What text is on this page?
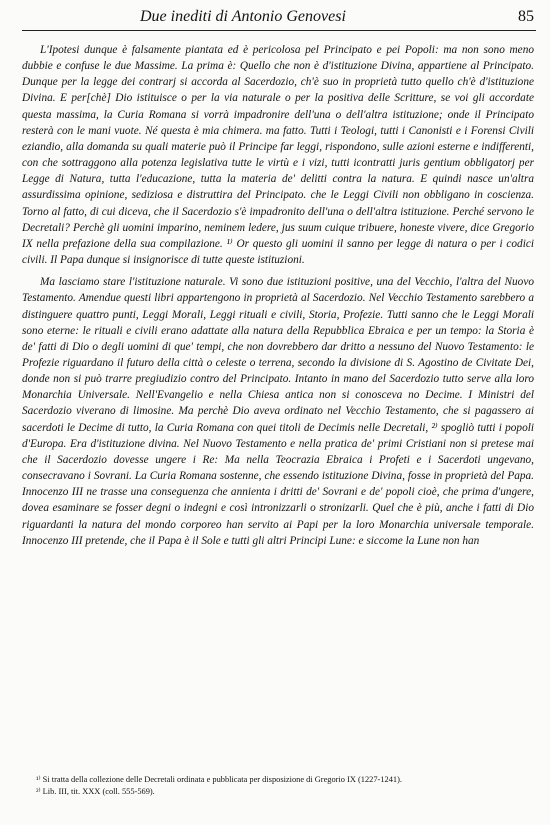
Due inediti di Antonio Genovesi	85

L'Ipotesi dunque è falsamente piantata ed è pericolosa pel Principato e pei Popoli: ma non sono meno dubbie e confuse le due Massime. La prima è: Quello che non è d'istituzione Divina, appartiene al Principato. Dunque per la legge dei contrarj si accorda al Sacerdozio, ch'è suo in proprietà tutto quello ch'è d'istituzione Divina. E per[chè] Dio istituisce o per la via naturale o per la positiva delle Scritture, se voi gli accordate questa massima, la Curia Romana si vorrà impadronire dell'una o dell'altra istituzione; onde il Principato resterà con le mani vuote. Né questa è mia chimera. ma fatto. Tutti i Teologi, tutti i Canonisti e i Forensi Civili eziandio, alla domanda su quali materie può il Principe far leggi, rispondono, sulle azioni esterne e indifferenti, con che sottraggono alla potenza legislativa tutte le virtù e i vizi, tutti icontratti juris gentium obbligatorj per Legge di Natura, tutta l'educazione, tutta la materia de' delitti contra la natura. E quindi nasce un'altra assurdissima opinione, sediziosa e distruttira del Principato. che le Leggi Civili non obbligano in coscienza. Torno al fatto, di cui diceva, che il Sacerdozio s'è impadronito dell'una o dell'altra istituzione. Perché servono le Decretali? Perchè gli uomini imparino, neminem ledere, jus suum cuique tribuere, honeste vivere, dice Gregorio IX nella prefazione della sua compilazione. ¹⁾ Or questo gli uomini il sanno per legge di natura o per i codici civili. Il Papa dunque si insignorisce di tutte queste istituzioni.

Ma lasciamo stare l'istituzione naturale. Vi sono due istituzioni positive, una del Vecchio, l'altra del Nuovo Testamento. Amendue questi libri appartengono in proprietà al Sacerdozio. Nel Vecchio Testamento sarebbero a distinguere quattro punti, Leggi Morali, Leggi rituali e civili, Storia, Profezie. Tutti sanno che le Leggi Morali sono eterne: le rituali e civili erano adattate alla natura della Repubblica Ebraica e per un tempo: la Storia è de' fatti di Dio o degli uomini di que' tempi, che non dovrebbero dar dritto a nessuno del Nuovo Testamento: le Profezie riguardano il futuro della città o celeste o terrena, secondo la divisione di S. Agostino de Civitate Dei, donde non si può trarre pregiudizio contro del Principato. Intanto in mano del Sacerdozio tutto serve alla loro Monarchia Universale. Nell'Evangelio e nella Chiesa antica non si conosceva no Decime. I Ministri del Sacerdozio viverano di limosine. Ma perchè Dio aveva ordinato nel Vecchio Testamento, che si pagassero ai sacerdoti le Decime di tutto, la Curia Romana con quei titoli de Decimis nelle Decretali, ²⁾ spogliò tutti i popoli d'Europa. Era d'istituzione divina. Nel Nuovo Testamento e nella pratica de' primi Cristiani non si pretese mai che il Sacerdozio dovesse ungere i Re: Ma nella Teocrazia Ebraica i Profeti e i Sacerdoti ungevano, consecravano i Sovrani. La Curia Romana sostenne, che essendo istituzione Divina, fosse in proprietà del Papa. Innocenzo III ne trasse una conseguenza che annienta i dritti de' Sovrani e de' popoli cioè, che prima d'ungere, dovea esaminare se fosser degni o indegni e così intronizzarli o stronizarli. Quel che è più, anche i fatti di Dio riguardanti la natura del mondo corporeo han servito ai Papi per la loro Monarchia universale temporale. Innocenzo III pretende, che il Papa è il Sole e tutti gli altri Principi Lune: e siccome la Lune non han

¹⁾ Si tratta della collezione delle Decretali ordinata e pubblicata per disposizione di Gregorio IX (1227-1241).
²⁾ Lib. III, tit. XXX (coll. 555-569).
